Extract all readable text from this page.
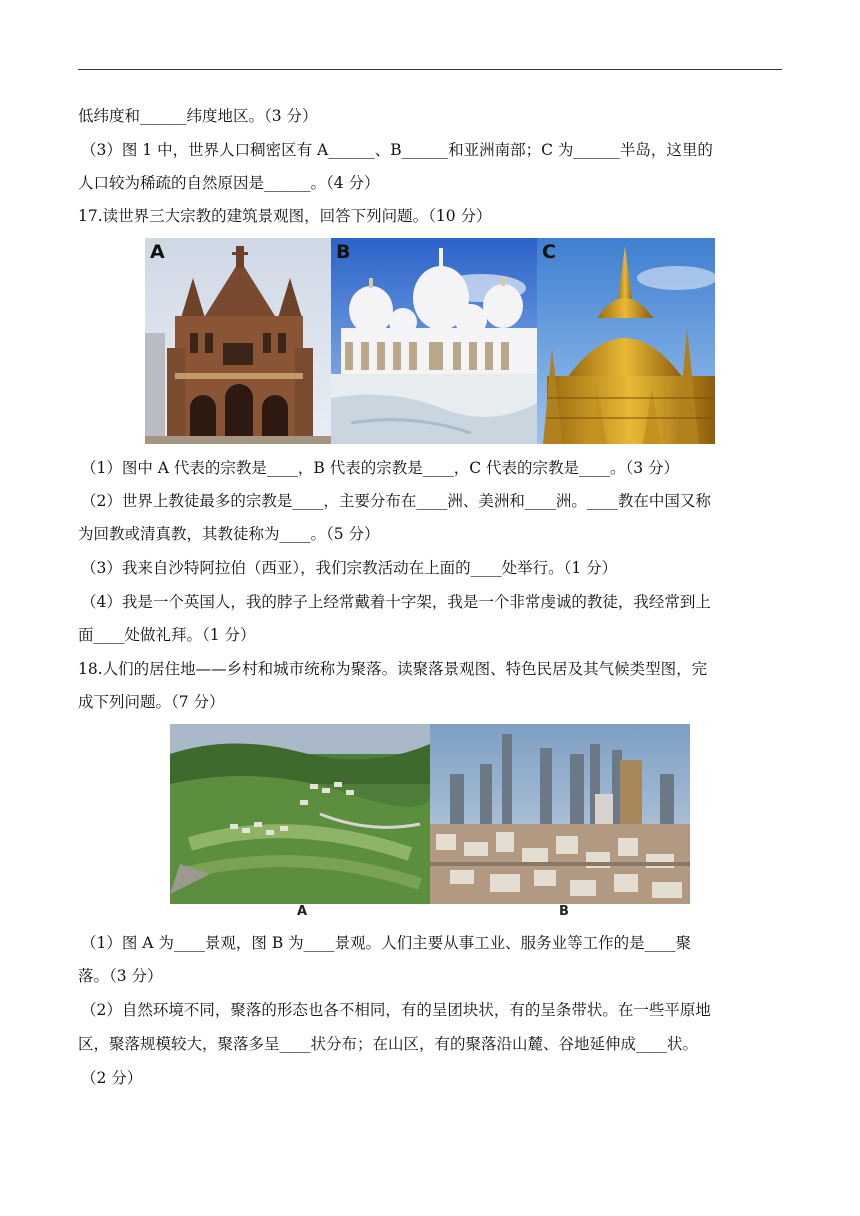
低纬度和______纬度地区。（3 分）
（3）图 1 中，世界人口稠密区有 A______、B______和亚洲南部；C 为______半岛，这里的
人口较为稀疏的自然原因是______。（4 分）
17.读世界三大宗教的建筑景观图，回答下列问题。（10 分）
A	B	C
（1）图中 A 代表的宗教是____，B 代表的宗教是____，C 代表的宗教是____。（3 分）
（2）世界上教徒最多的宗教是____，主要分布在____洲、美洲和____洲。____教在中国又称
为回教或清真教，其教徒称为____。（5 分）
（3）我来自沙特阿拉伯（西亚），我们宗教活动在上面的____处举行。（1 分）
（4）我是一个英国人，我的脖子上经常戴着十字架，我是一个非常虔诚的教徒，我经常到上
面____处做礼拜。（1 分）
18.人们的居住地——乡村和城市统称为聚落。读聚落景观图、特色民居及其气候类型图，完
成下列问题。（7 分）
A	B
（1）图 A 为____景观，图 B 为____景观。人们主要从事工业、服务业等工作的是____聚
落。（3 分）
（2）自然环境不同，聚落的形态也各不相同，有的呈团块状，有的呈条带状。在一些平原地
区，聚落规模较大，聚落多呈____状分布；在山区，有的聚落沿山麓、谷地延伸成____状。
（2 分）
